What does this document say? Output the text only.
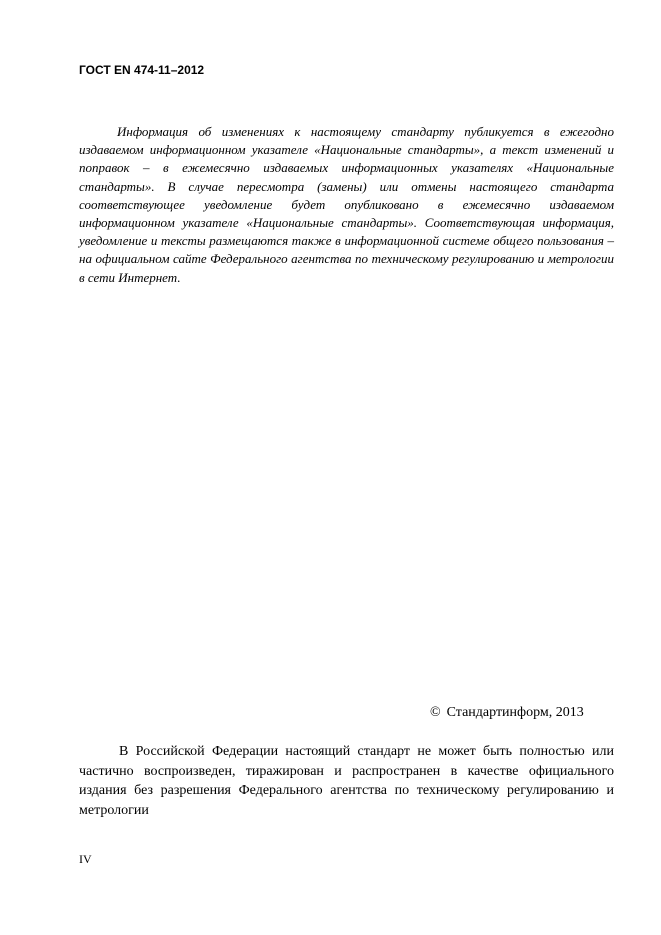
ГОСТ EN 474-11–2012
Информация об изменениях к настоящему стандарту публикуется в ежегодно издаваемом информационном указателе «Национальные стандарты», а текст изменений и поправок – в ежемесячно издаваемых информационных указателях «Национальные стандарты». В случае пересмотра (замены) или отмены настоящего стандарта соответствующее уведомление будет опубликовано в ежемесячно издаваемом информационном указателе «Национальные стандарты». Соответствующая информация, уведомление и тексты размещаются также в информационной системе общего пользования – на официальном сайте Федерального агентства по техническому регулированию и метрологии в сети Интернет.
© Стандартинформ, 2013
В Российской Федерации настоящий стандарт не может быть полностью или частично воспроизведен, тиражирован и распространен в качестве официального издания без разрешения Федерального агентства по техническому регулированию и метрологии
IV
